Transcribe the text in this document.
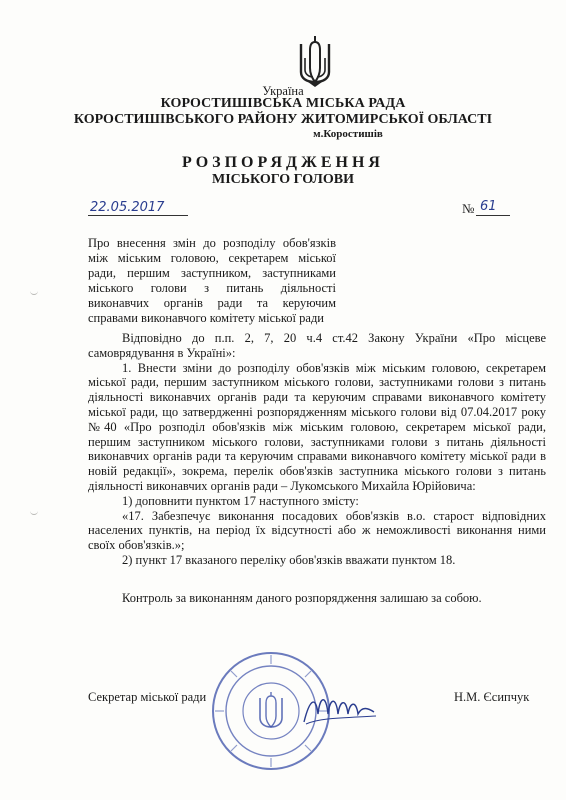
Україна
КОРОСТИШІВСЬКА МІСЬКА РАДА
КОРОСТИШІВСЬКОГО РАЙОНУ ЖИТОМИРСЬКОЇ ОБЛАСТІ
м.Коростишів
РОЗПОРЯДЖЕННЯ
МІСЬКОГО ГОЛОВИ
22.05.2017	№ 61
Про внесення змін до розподілу обов'язків між міським головою, секретарем міської ради, першим заступником, заступниками міського голови з питань діяльності виконавчих органів ради та керуючим справами виконавчого комітету міської ради

Відповідно до п.п. 2, 7, 20 ч.4 ст.42 Закону України «Про місцеве самоврядування в Україні»:

1. Внести зміни до розподілу обов'язків між міським головою, секретарем міської ради, першим заступником міського голови, заступниками голови з питань діяльності виконавчих органів ради та керуючим справами виконавчого комітету міської ради, що затвердженні розпорядженням міського голови від 07.04.2017 року №40 «Про розподіл обов'язків між міським головою, секретарем міської ради, першим заступником міського голови, заступниками голови з питань діяльності виконавчих органів ради та керуючим справами виконавчого комітету міської ради в новій редакції», зокрема, перелік обов'язків заступника міського голови з питань діяльності виконавчих органів ради – Лукомського Михайла Юрійовича:

1) доповнити пунктом 17 наступного змісту:

«17. Забезпечує виконання посадових обов'язків в.о. старост відповідних населених пунктів, на період їх відсутності або ж неможливості виконання ними своїх обов'язків.»;

2) пункт 17 вказаного переліку обов'язків вважати пунктом 18.

Контроль за виконанням даного розпорядження залишаю за собою.
Секретар міської ради	Н.М. Єсипчук
